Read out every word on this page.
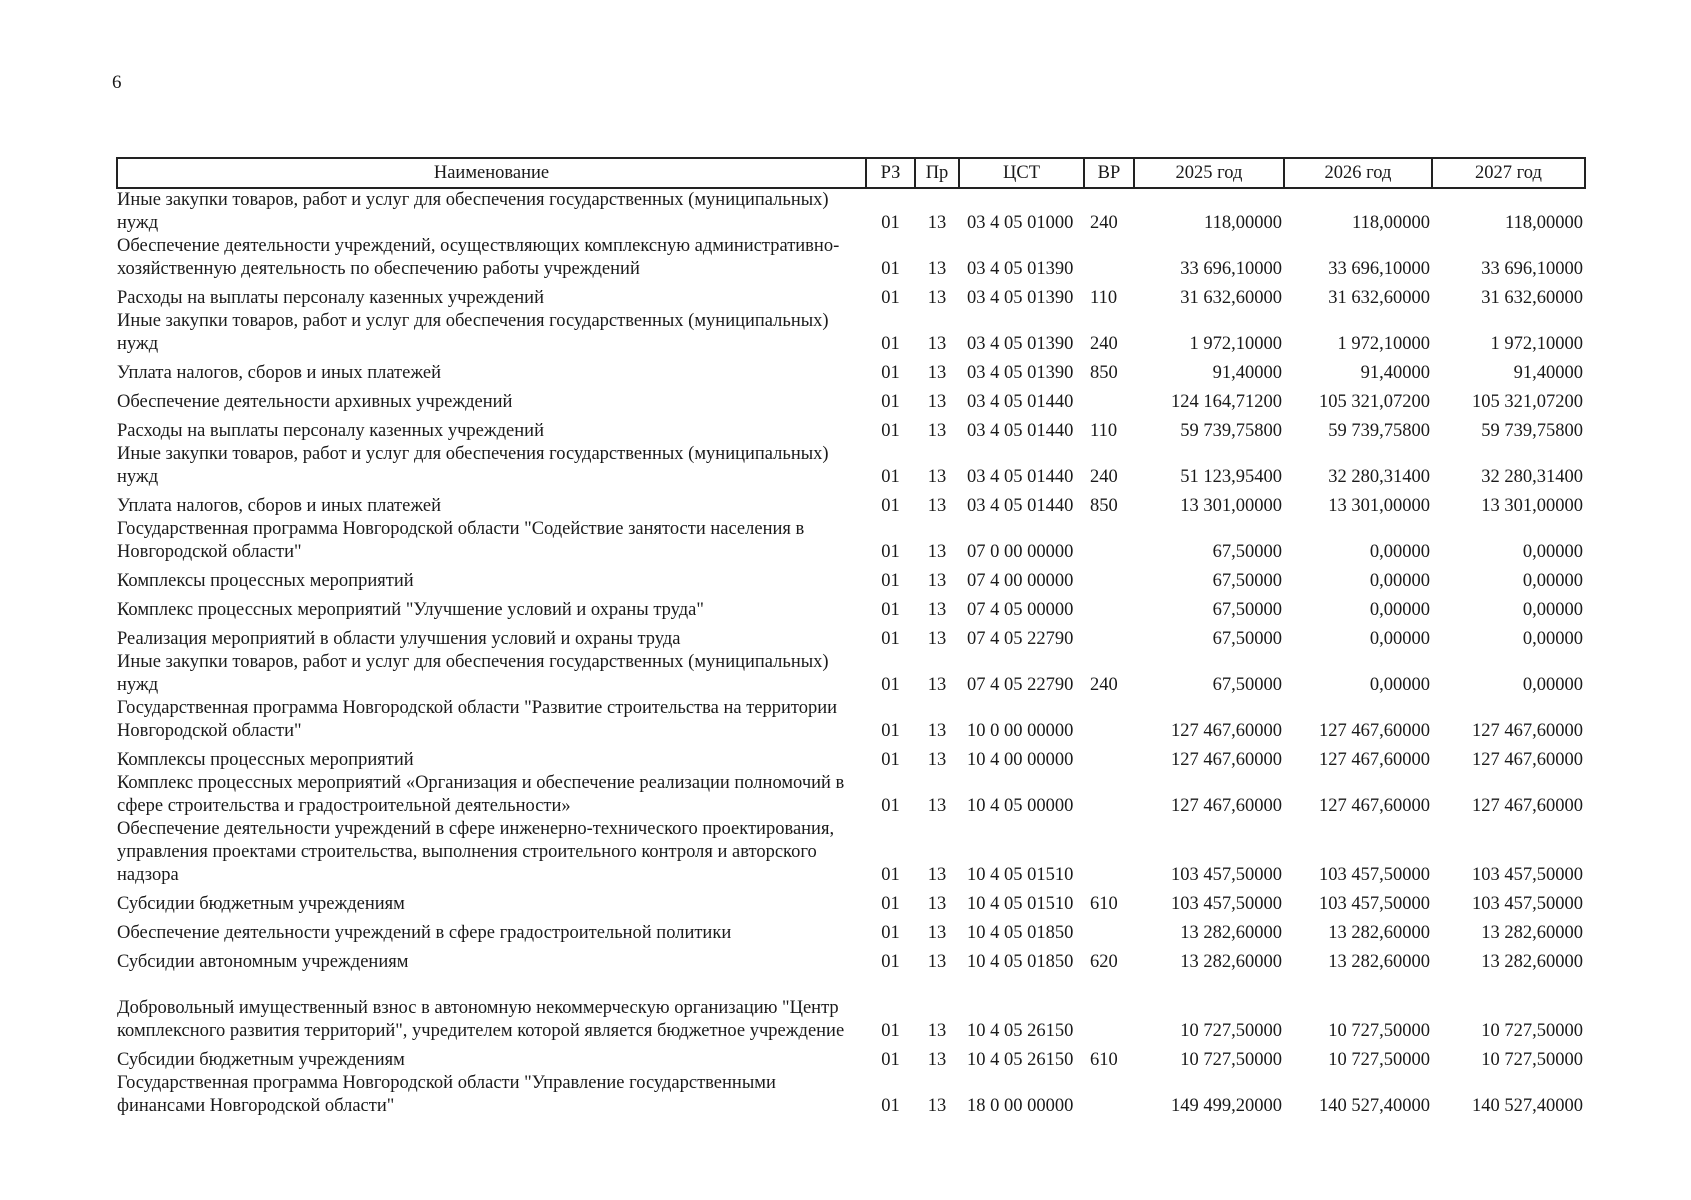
6
Наименование	РЗ	Пр	ЦСТ	ВР	2025 год	2026 год	2027 год
Иные закупки товаров, работ и услуг для обеспечения государственных (муниципальных) нужд	01	13	03 4 05 01000	240	118,00000	118,00000	118,00000
Обеспечение деятельности учреждений, осуществляющих комплексную административно-хозяйственную деятельность по обеспечению работы учреждений	01	13	03 4 05 01390		33 696,10000	33 696,10000	33 696,10000
Расходы на выплаты персоналу казенных учреждений	01	13	03 4 05 01390	110	31 632,60000	31 632,60000	31 632,60000
Иные закупки товаров, работ и услуг для обеспечения государственных (муниципальных) нужд	01	13	03 4 05 01390	240	1 972,10000	1 972,10000	1 972,10000
Уплата налогов, сборов и иных платежей	01	13	03 4 05 01390	850	91,40000	91,40000	91,40000
Обеспечение деятельности архивных учреждений	01	13	03 4 05 01440		124 164,71200	105 321,07200	105 321,07200
Расходы на выплаты персоналу казенных учреждений	01	13	03 4 05 01440	110	59 739,75800	59 739,75800	59 739,75800
Иные закупки товаров, работ и услуг для обеспечения государственных (муниципальных) нужд	01	13	03 4 05 01440	240	51 123,95400	32 280,31400	32 280,31400
Уплата налогов, сборов и иных платежей	01	13	03 4 05 01440	850	13 301,00000	13 301,00000	13 301,00000
Государственная программа Новгородской области "Содействие занятости населения в Новгородской области"	01	13	07 0 00 00000		67,50000	0,00000	0,00000
Комплексы процессных мероприятий	01	13	07 4 00 00000		67,50000	0,00000	0,00000
Комплекс процессных мероприятий "Улучшение условий и охраны труда"	01	13	07 4 05 00000		67,50000	0,00000	0,00000
Реализация мероприятий в области улучшения условий и охраны труда	01	13	07 4 05 22790		67,50000	0,00000	0,00000
Иные закупки товаров, работ и услуг для обеспечения государственных (муниципальных) нужд	01	13	07 4 05 22790	240	67,50000	0,00000	0,00000
Государственная программа Новгородской области "Развитие строительства на территории Новгородской области"	01	13	10 0 00 00000		127 467,60000	127 467,60000	127 467,60000
Комплексы процессных мероприятий	01	13	10 4 00 00000		127 467,60000	127 467,60000	127 467,60000
Комплекс процессных мероприятий «Организация и обеспечение реализации полномочий в сфере строительства и градостроительной деятельности»	01	13	10 4 05 00000		127 467,60000	127 467,60000	127 467,60000
Обеспечение деятельности учреждений в сфере инженерно-технического проектирования, управления проектами строительства, выполнения строительного контроля и авторского надзора	01	13	10 4 05 01510		103 457,50000	103 457,50000	103 457,50000
Субсидии бюджетным учреждениям	01	13	10 4 05 01510	610	103 457,50000	103 457,50000	103 457,50000
Обеспечение деятельности учреждений в сфере градостроительной политики	01	13	10 4 05 01850		13 282,60000	13 282,60000	13 282,60000
Субсидии автономным учреждениям	01	13	10 4 05 01850	620	13 282,60000	13 282,60000	13 282,60000
Добровольный имущественный взнос в автономную некоммерческую организацию "Центр комплексного развития территорий", учредителем которой является бюджетное учреждение	01	13	10 4 05 26150		10 727,50000	10 727,50000	10 727,50000
Субсидии бюджетным учреждениям	01	13	10 4 05 26150	610	10 727,50000	10 727,50000	10 727,50000
Государственная программа Новгородской области "Управление государственными финансами Новгородской области"	01	13	18 0 00 00000		149 499,20000	140 527,40000	140 527,40000
